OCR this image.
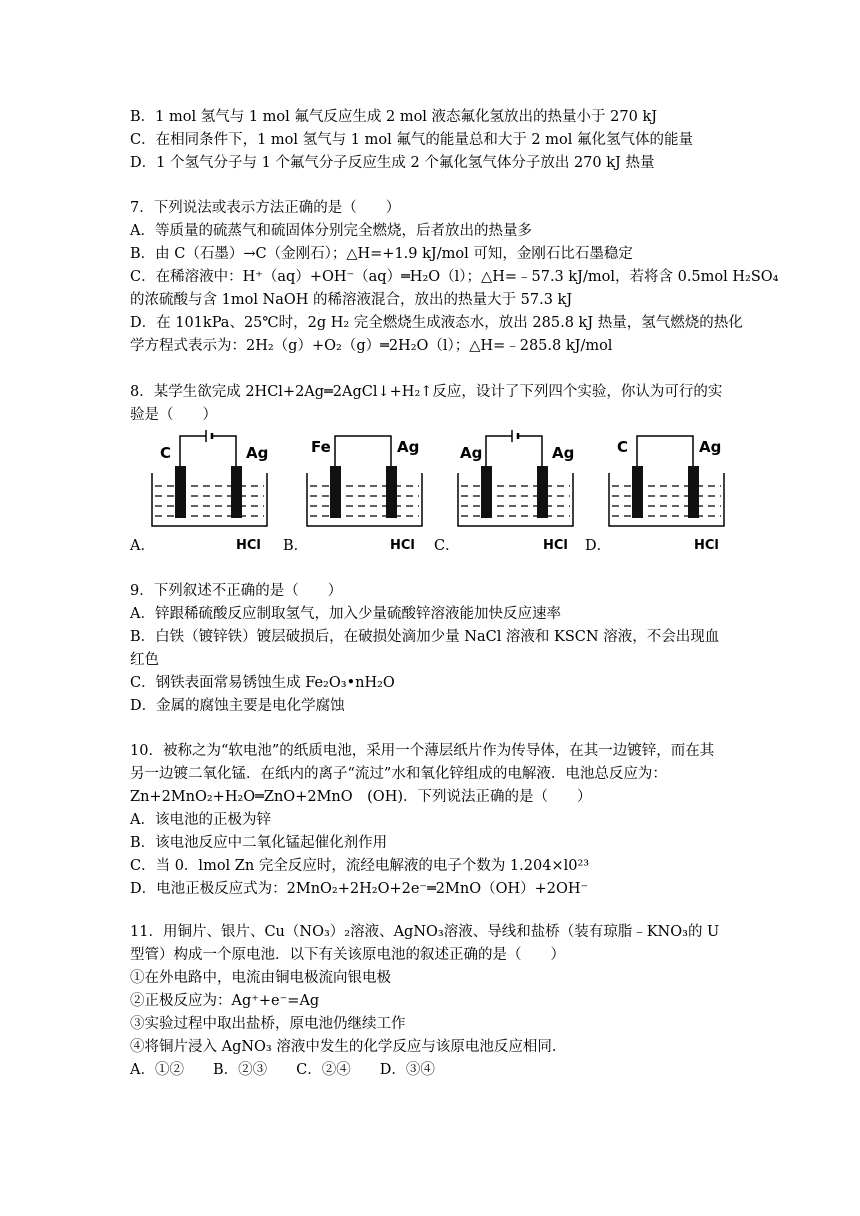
B．1 mol 氢气与 1 mol 氟气反应生成 2 mol 液态氟化氢放出的热量小于 270 kJ
C．在相同条件下，1 mol 氢气与 1 mol 氟气的能量总和大于 2 mol 氟化氢气体的能量
D．1 个氢气分子与 1 个氟气分子反应生成 2 个氟化氢气体分子放出 270 kJ 热量
7．下列说法或表示方法正确的是（　　）
A．等质量的硫蒸气和硫固体分别完全燃烧，后者放出的热量多
B．由 C（石墨）→C（金刚石）；△H=+1.9 kJ/mol 可知，金刚石比石墨稳定
C．在稀溶液中：H⁺（aq）+OH⁻（aq）═H₂O（l）；△H=﹣57.3 kJ/mol，若将含 0.5mol H₂SO₄
的浓硫酸与含 1mol NaOH 的稀溶液混合，放出的热量大于 57.3 kJ
D．在 101kPa、25℃时，2g H₂ 完全燃烧生成液态水，放出 285.8 kJ 热量，氢气燃烧的热化
学方程式表示为：2H₂（g）+O₂（g）═2H₂O（l）；△H=﹣285.8 kJ/mol
8．某学生欲完成 2HCl+2Ag═2AgCl↓+H₂↑反应，设计了下列四个实验，你认为可行的实
验是（　　）
C	Ag	Fe	Ag	Ag	Ag	C	Ag
A．	HCl B．	HCl C．	HCl D．	HCl
9．下列叙述不正确的是（　　）
A．锌跟稀硫酸反应制取氢气，加入少量硫酸锌溶液能加快反应速率
B．白铁（镀锌铁）镀层破损后，在破损处滴加少量 NaCl 溶液和 KSCN 溶液，不会出现血
红色
C．钢铁表面常易锈蚀生成 Fe₂O₃•nH₂O
D．金属的腐蚀主要是电化学腐蚀
10．被称之为“软电池”的纸质电池，采用一个薄层纸片作为传导体，在其一边镀锌，而在其
另一边镀二氧化锰．在纸内的离子“流过”水和氧化锌组成的电解液．电池总反应为：
Zn+2MnO₂+H₂O═ZnO+2MnO　(OH)．下列说法正确的是（　　）
A．该电池的正极为锌
B．该电池反应中二氧化锰起催化剂作用
C．当 0．lmol Zn 完全反应时，流经电解液的电子个数为 1.204×l0²³
D．电池正极反应式为：2MnO₂+2H₂O+2e⁻═2MnO（OH）+2OH⁻
11．用铜片、银片、Cu（NO₃）₂溶液、AgNO₃溶液、导线和盐桥（装有琼脂﹣KNO₃的 U
型管）构成一个原电池．以下有关该原电池的叙述正确的是（　　）
①在外电路中，电流由铜电极流向银电极
②正极反应为：Ag⁺+e⁻=Ag
③实验过程中取出盐桥，原电池仍继续工作
④将铜片浸入 AgNO₃ 溶液中发生的化学反应与该原电池反应相同．
A．①②　　B．②③　　C．②④　　D．③④
